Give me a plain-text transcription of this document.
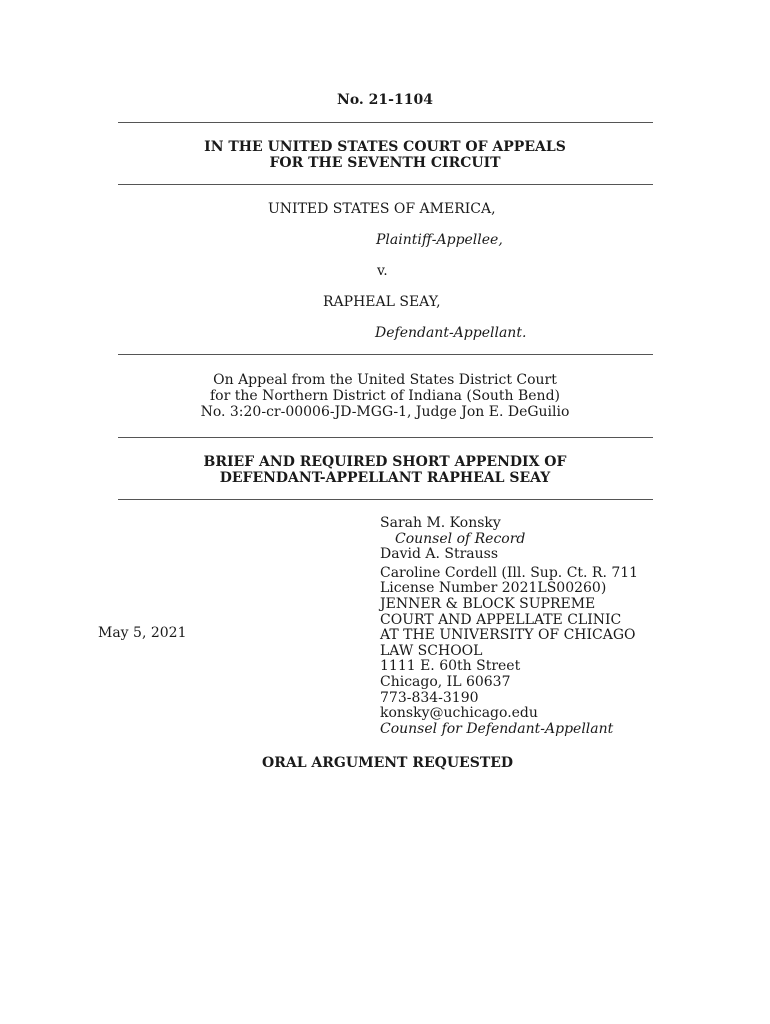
No. 21-1104
IN THE UNITED STATES COURT OF APPEALS
FOR THE SEVENTH CIRCUIT
UNITED STATES OF AMERICA,
Plaintiff-Appellee,
v.
RAPHEAL SEAY,
Defendant-Appellant.
On Appeal from the United States District Court
for the Northern District of Indiana (South Bend)
No. 3:20-cr-00006-JD-MGG-1, Judge Jon E. DeGuilio
BRIEF AND REQUIRED SHORT APPENDIX OF
DEFENDANT-APPELLANT RAPHEAL SEAY
May 5, 2021
Sarah M. Konsky
Counsel of Record
David A. Strauss
Caroline Cordell (Ill. Sup. Ct. R. 711
License Number 2021LS00260)
JENNER & BLOCK SUPREME
COURT AND APPELLATE CLINIC
AT THE UNIVERSITY OF CHICAGO
LAW SCHOOL
1111 E. 60th Street
Chicago, IL 60637
773-834-3190
konsky@uchicago.edu
Counsel for Defendant-Appellant
ORAL ARGUMENT REQUESTED
